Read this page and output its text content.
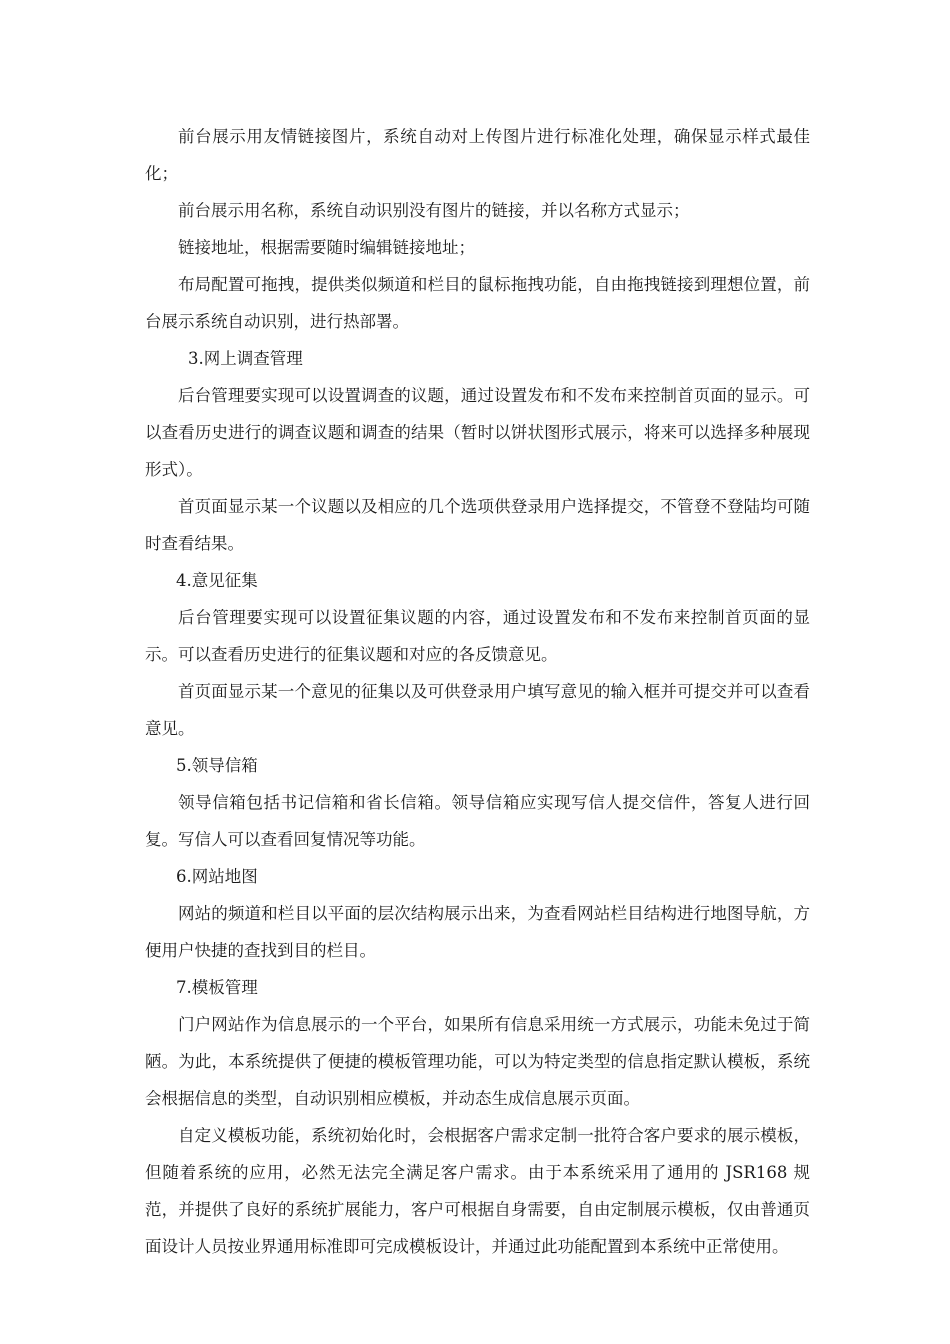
前台展示用友情链接图片，系统自动对上传图片进行标准化处理，确保显示样式最佳化；

前台展示用名称，系统自动识别没有图片的链接，并以名称方式显示；

链接地址，根据需要随时编辑链接地址；

布局配置可拖拽，提供类似频道和栏目的鼠标拖拽功能，自由拖拽链接到理想位置，前台展示系统自动识别，进行热部署。

3.网上调查管理

后台管理要实现可以设置调查的议题，通过设置发布和不发布来控制首页面的显示。可以查看历史进行的调查议题和调查的结果（暂时以饼状图形式展示，将来可以选择多种展现形式）。

首页面显示某一个议题以及相应的几个选项供登录用户选择提交，不管登不登陆均可随时查看结果。

4.意见征集

后台管理要实现可以设置征集议题的内容，通过设置发布和不发布来控制首页面的显示。可以查看历史进行的征集议题和对应的各反馈意见。

首页面显示某一个意见的征集以及可供登录用户填写意见的输入框并可提交并可以查看意见。

5.领导信箱

领导信箱包括书记信箱和省长信箱。领导信箱应实现写信人提交信件，答复人进行回复。写信人可以查看回复情况等功能。

6.网站地图

网站的频道和栏目以平面的层次结构展示出来，为查看网站栏目结构进行地图导航，方便用户快捷的查找到目的栏目。

7.模板管理

门户网站作为信息展示的一个平台，如果所有信息采用统一方式展示，功能未免过于简陋。为此，本系统提供了便捷的模板管理功能，可以为特定类型的信息指定默认模板，系统会根据信息的类型，自动识别相应模板，并动态生成信息展示页面。

自定义模板功能，系统初始化时，会根据客户需求定制一批符合客户要求的展示模板，但随着系统的应用，必然无法完全满足客户需求。由于本系统采用了通用的 JSR168 规范，并提供了良好的系统扩展能力，客户可根据自身需要，自由定制展示模板，仅由普通页面设计人员按业界通用标准即可完成模板设计，并通过此功能配置到本系统中正常使用。
